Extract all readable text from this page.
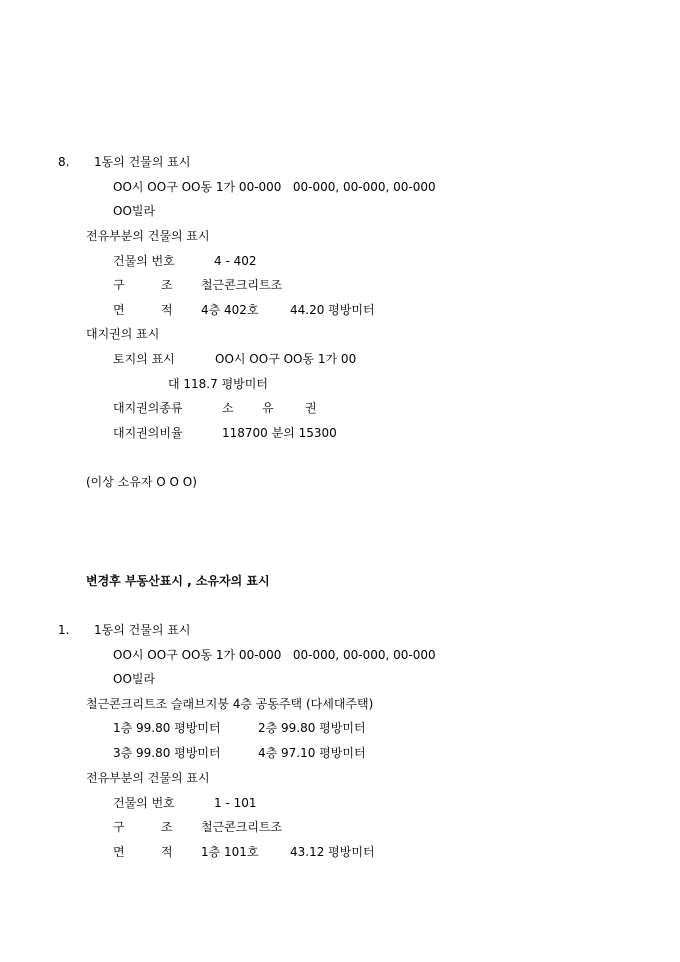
8. 1동의 건물의 표시
OO시 OO구 OO동 1가 00-000   00-000, 00-000, 00-000
OO빌라
전유부분의 건물의 표시
건물의 번호	4 - 402
구	조 철근콘크리트조
면	적 4층 402호	44.20 평방미터
대지권의 표시
토지의 표시	OO시 OO구 OO동 1가 00
대 118.7 평방미터
대지권의종류	소 유	권
대지권의비율	118700 분의 15300
(이상 소유자 O O O)
변경후 부동산표시 , 소유자의 표시
1. 1동의 건물의 표시
OO시 OO구 OO동 1가 00-000   00-000, 00-000, 00-000
OO빌라
철근콘크리트조 슬래브지붕 4층 공동주택 (다세대주택)
1층 99.80 평방미터	2층 99.80 평방미터
3층 99.80 평방미터	4층 97.10 평방미터
전유부분의 건물의 표시
건물의 번호	1 - 101
구	조 철근콘크리트조
면	적 1층 101호	43.12 평방미터
